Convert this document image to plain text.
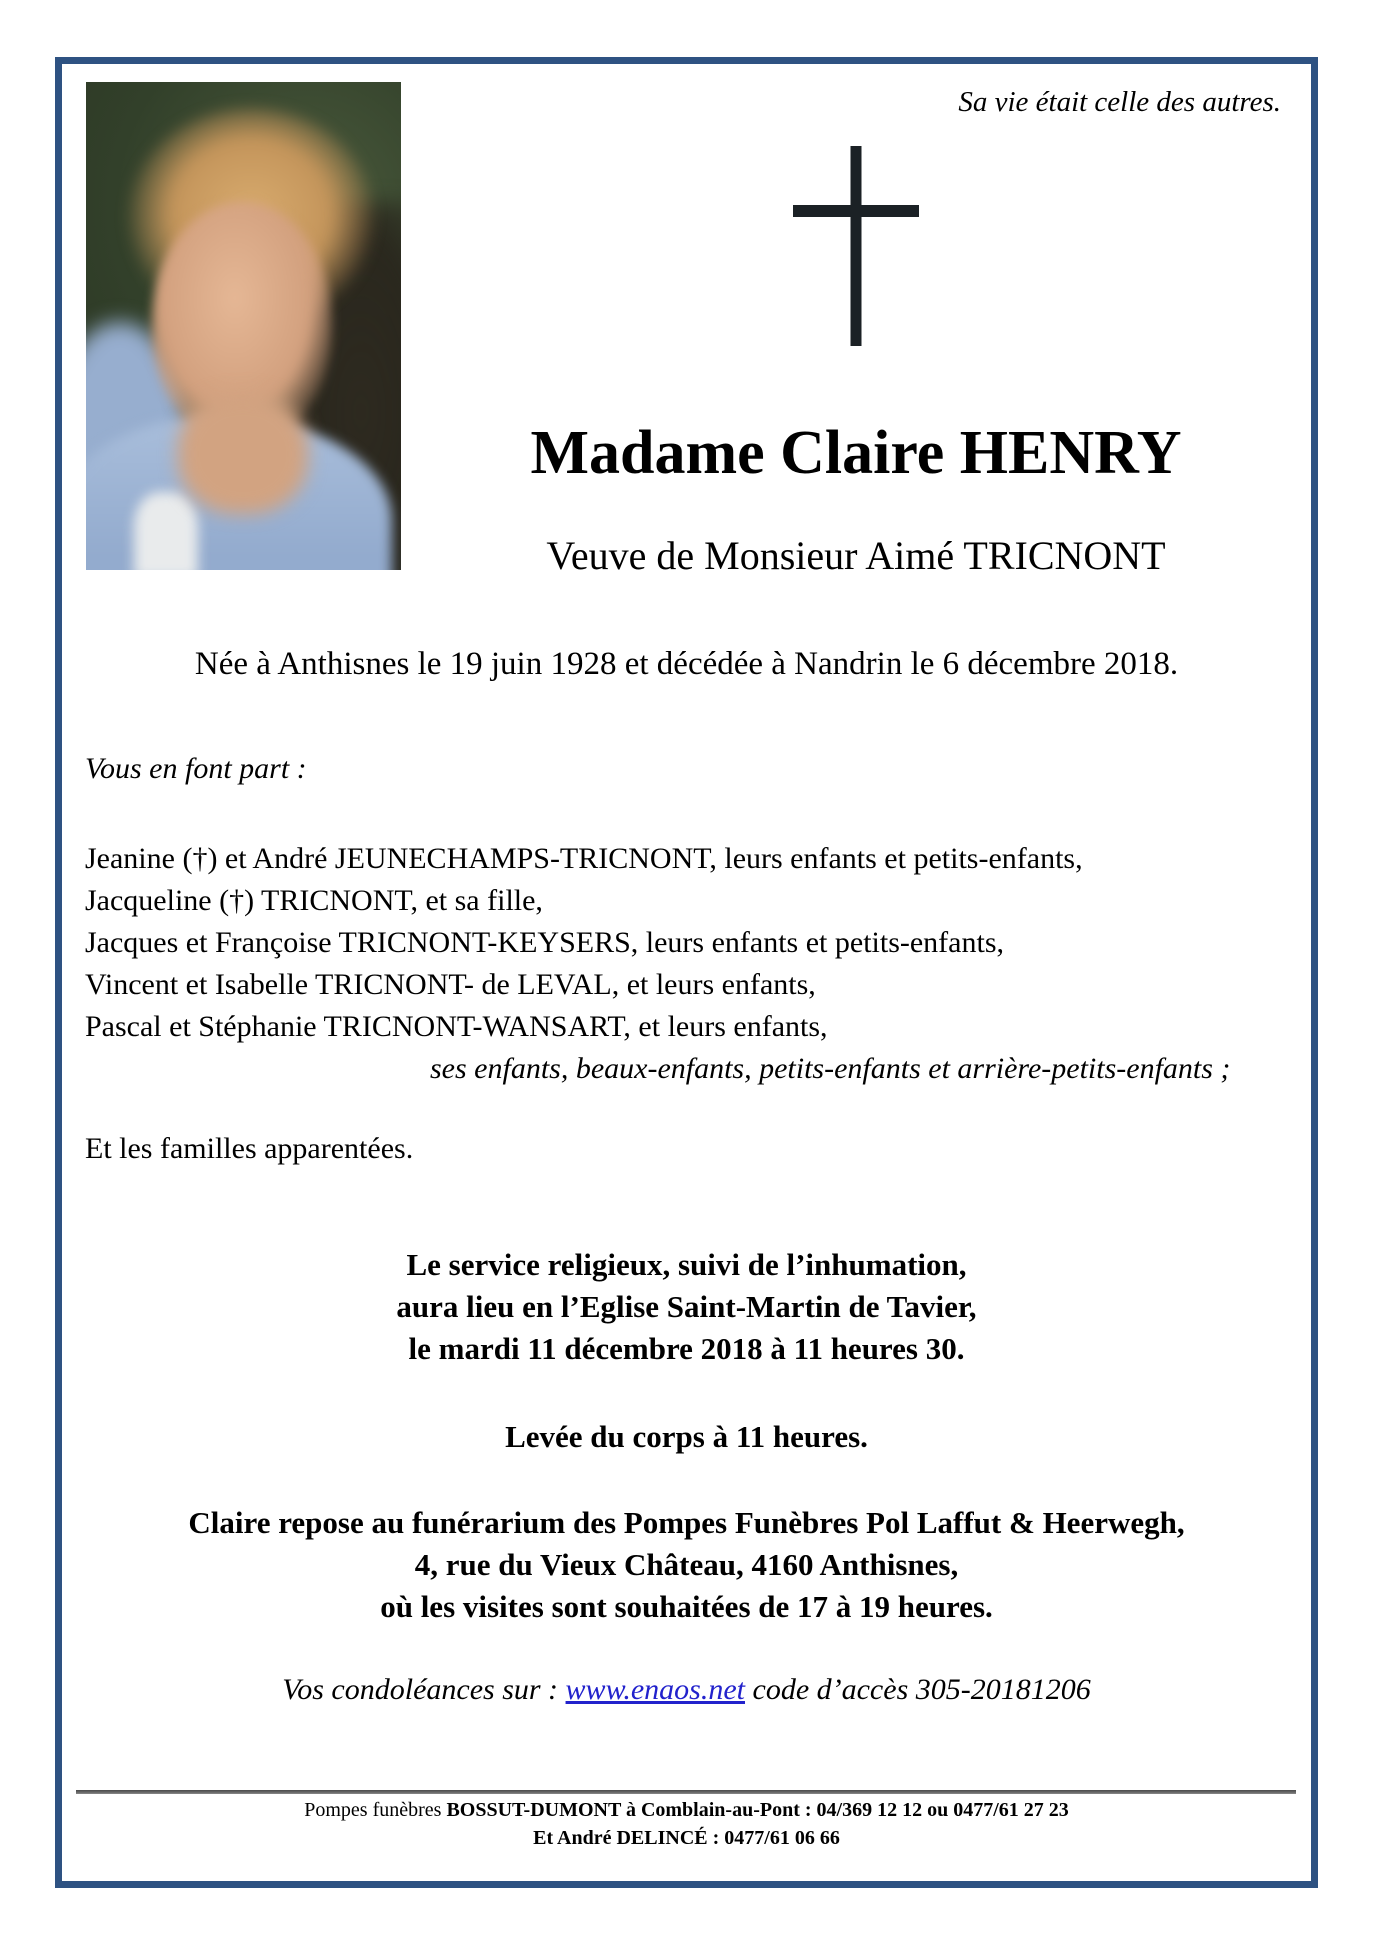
Sa vie était celle des autres.
Madame Claire HENRY
Veuve de Monsieur Aimé TRICNONT
Née à Anthisnes le 19 juin 1928 et décédée à Nandrin le 6 décembre 2018.
Vous en font part :
Jeanine (†) et André JEUNECHAMPS-TRICNONT, leurs enfants et petits-enfants,
Jacqueline (†) TRICNONT, et sa fille,
Jacques et Françoise TRICNONT-KEYSERS, leurs enfants et petits-enfants,
Vincent et Isabelle TRICNONT- de LEVAL, et leurs enfants,
Pascal et Stéphanie TRICNONT-WANSART, et leurs enfants,
ses enfants, beaux-enfants, petits-enfants et arrière-petits-enfants ;
Et les familles apparentées.
Le service religieux, suivi de l’inhumation,
aura lieu en l’Eglise Saint-Martin de Tavier,
le mardi 11 décembre 2018 à 11 heures 30.
Levée du corps à 11 heures.
Claire repose au funérarium des Pompes Funèbres Pol Laffut & Heerwegh,
4, rue du Vieux Château, 4160 Anthisnes,
où les visites sont souhaitées de 17 à 19 heures.
Vos condoléances sur : www.enaos.net code d’accès 305-20181206
Pompes funèbres BOSSUT-DUMONT à Comblain-au-Pont : 04/369 12 12 ou 0477/61 27 23
Et André DELINCÉ : 0477/61 06 66
